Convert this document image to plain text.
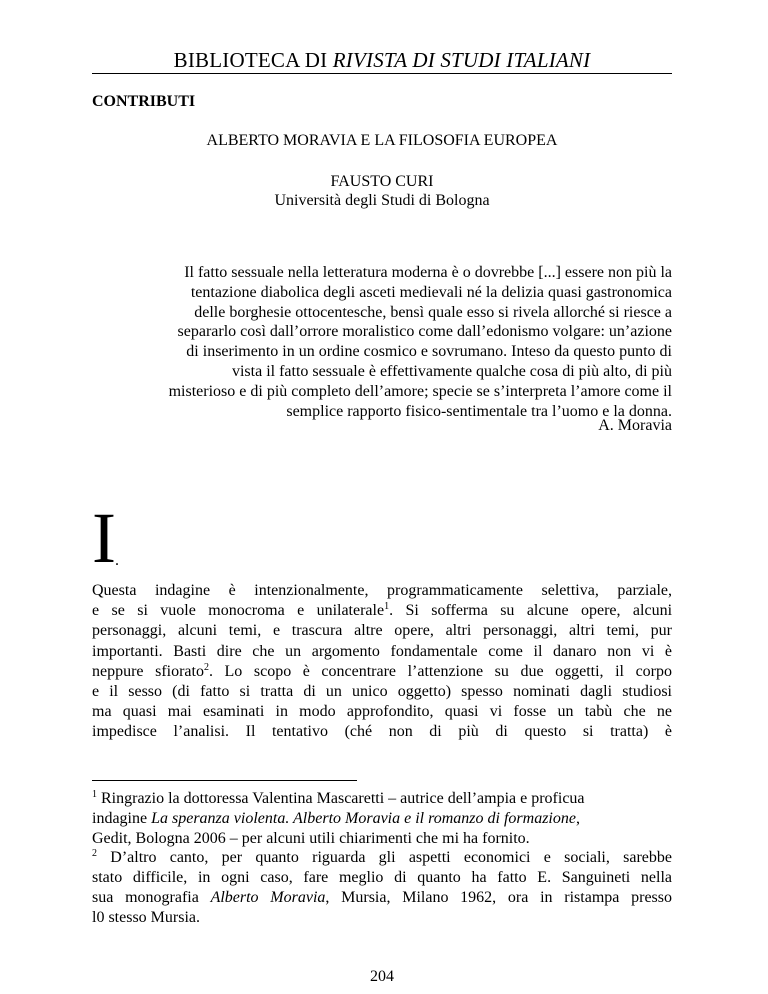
BIBLIOTECA DI RIVISTA DI STUDI ITALIANI
CONTRIBUTI
ALBERTO MORAVIA E LA FILOSOFIA EUROPEA
FAUSTO CURI
Università degli Studi di Bologna
Il fatto sessuale nella letteratura moderna è o dovrebbe [...] essere non più la
tentazione diabolica degli asceti medievali né la delizia quasi gastronomica
delle borghesie ottocentesche, bensì quale esso si rivela allorché si riesce a
separarlo così dall’orrore moralistico come dall’edonismo volgare: un’azione
di inserimento in un ordine cosmico e sovrumano. Inteso da questo punto di
vista il fatto sessuale è effettivamente qualche cosa di più alto, di più
misterioso e di più completo dell’amore; specie se s’interpreta l’amore come il
semplice rapporto fisico-sentimentale tra l’uomo e la donna.
A. Moravia
I .
Questa indagine è intenzionalmente, programmaticamente selettiva, parziale,
e se si vuole monocroma e unilaterale$^1$. Si sofferma su alcune opere, alcuni
personaggi, alcuni temi, e trascura altre opere, altri personaggi, altri temi, pur
importanti. Basti dire che un argomento fondamentale come il danaro non vi è
neppure sfiorato$^2$. Lo scopo è concentrare l’attenzione su due oggetti, il corpo
e il sesso (di fatto si tratta di un unico oggetto) spesso nominati dagli studiosi
ma quasi mai esaminati in modo approfondito, quasi vi fosse un tabù che ne
impedisce l’analisi. Il tentativo (ché non di più di questo si tratta) è
$^1$ Ringrazio la dottoressa Valentina Mascaretti – autrice dell’ampia e proficua
indagine La speranza violenta. Alberto Moravia e il romanzo di formazione,
Gedit, Bologna 2006 – per alcuni utili chiarimenti che mi ha fornito.
$^2$ D’altro canto, per quanto riguarda gli aspetti economici e sociali, sarebbe
stato difficile, in ogni caso, fare meglio di quanto ha fatto E. Sanguineti nella
sua monografia Alberto Moravia, Mursia, Milano 1962, ora in ristampa presso
l0 stesso Mursia.
204
